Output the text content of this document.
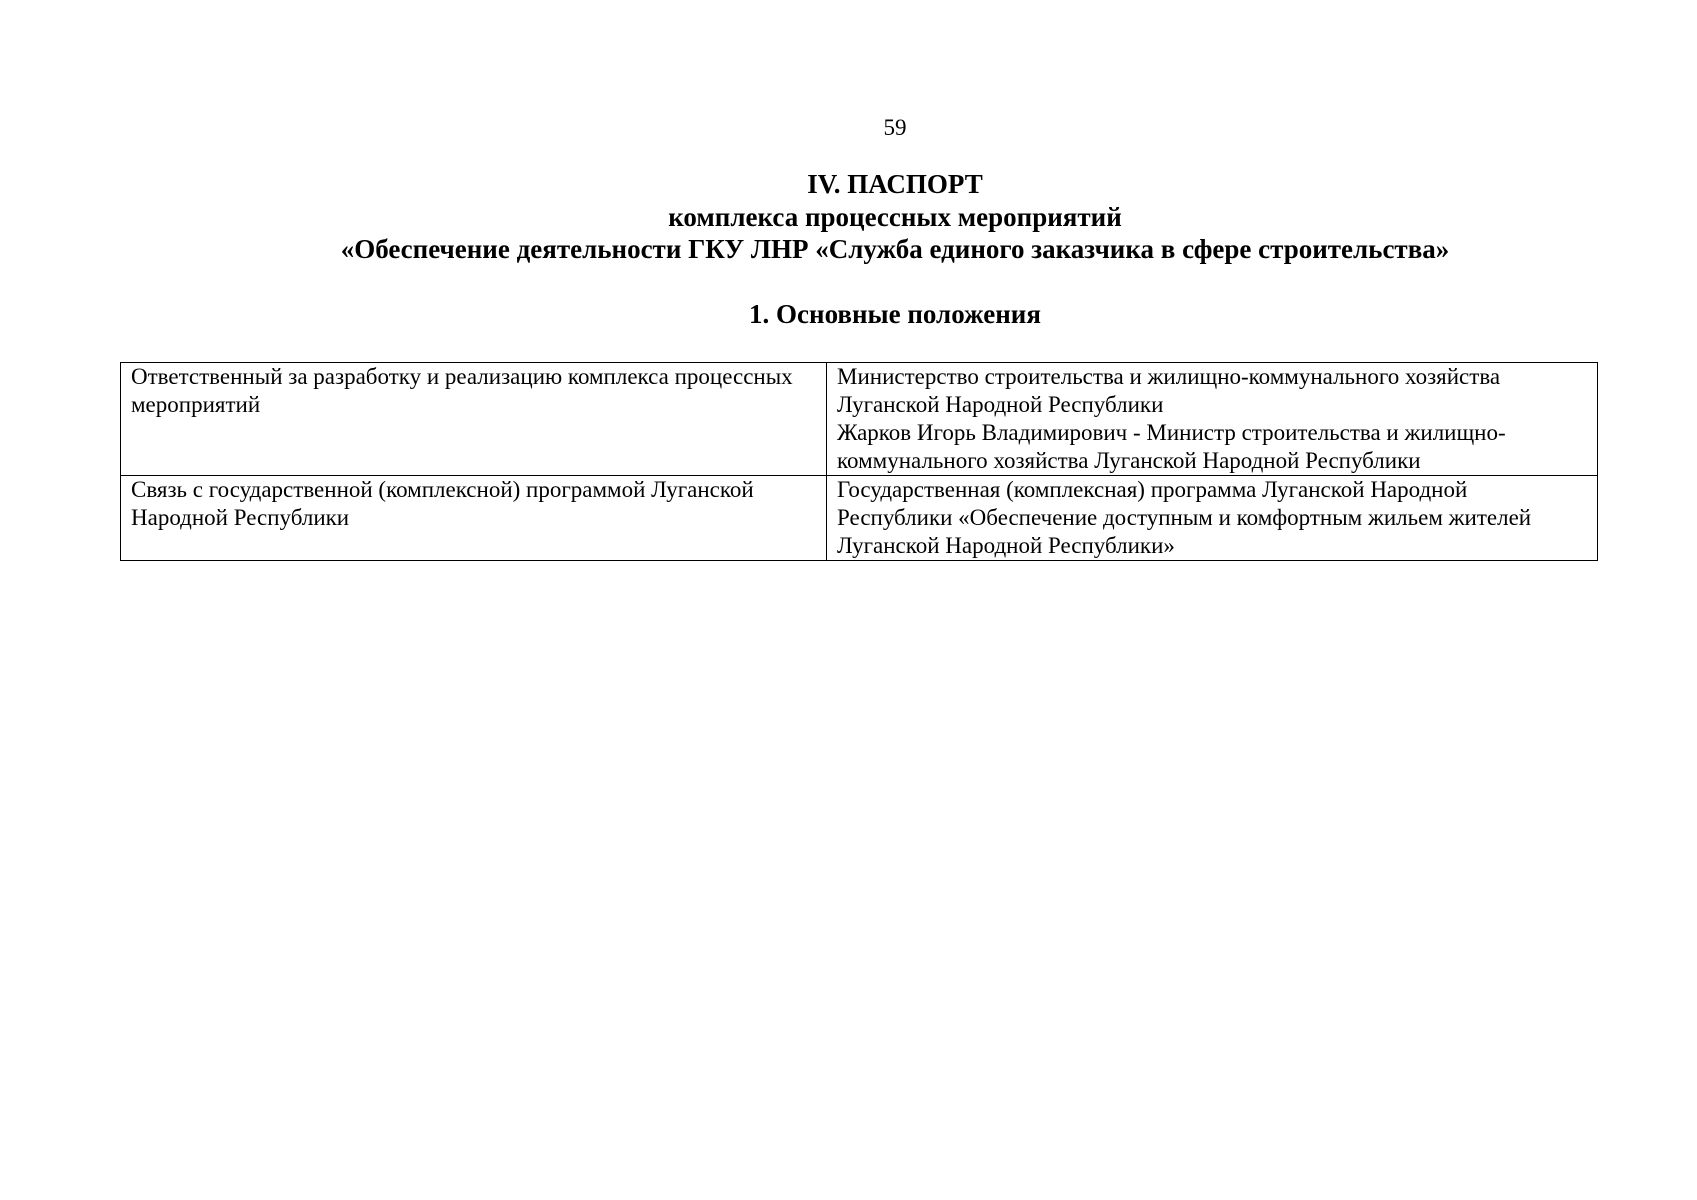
59
IV. ПАСПОРТ
комплекса процессных мероприятий
«Обеспечение деятельности ГКУ ЛНР «Служба единого заказчика в сфере строительства»
1. Основные положения
Ответственный за разработку и реализацию комплекса процессных мероприятий	Министерство строительства и жилищно-коммунального хозяйства Луганской Народной Республики
Жарков Игорь Владимирович - Министр строительства и жилищно-коммунального хозяйства Луганской Народной Республики

Связь с государственной (комплексной) программой Луганской Народной Республики	Государственная (комплексная) программа Луганской Народной Республики «Обеспечение доступным и комфортным жильем жителей Луганской Народной Республики»
